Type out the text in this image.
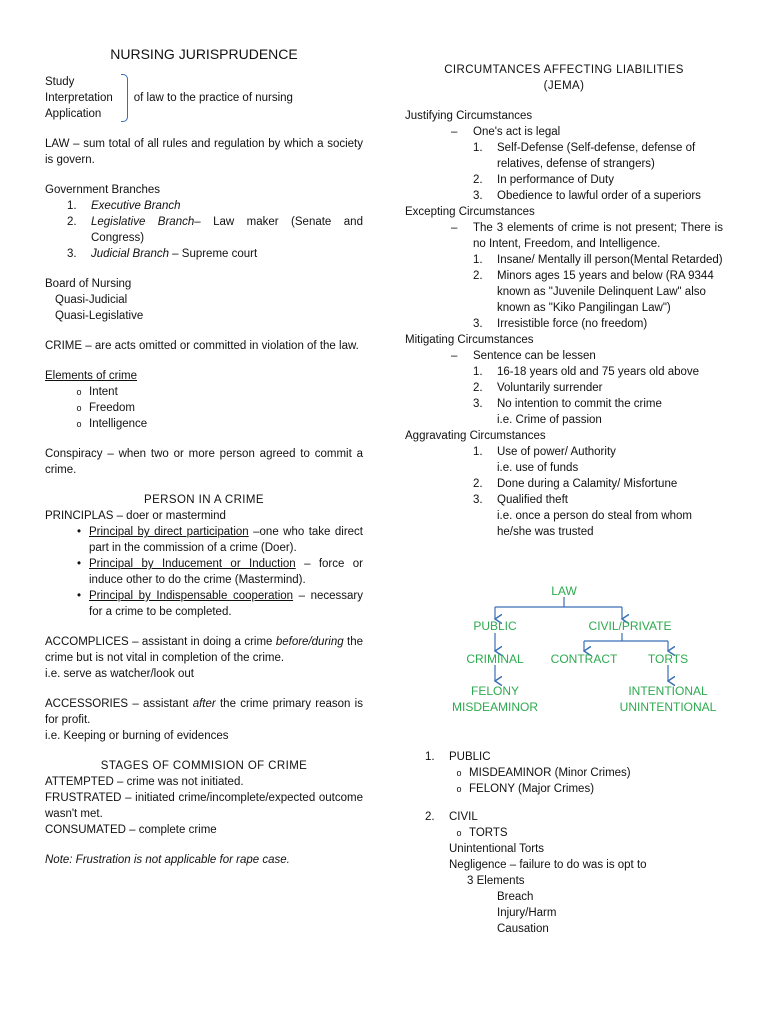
NURSING JURISPRUDENCE

Study

Interpretation

Application

of law to the practice of nursing

LAW – sum total of all rules and regulation by which a society is govern.

Government Branches

1.	Executive Branch
2.	Legislative Branch– Law maker (Senate and Congress)
3.	Judicial Branch – Supreme court

Board of Nursing

Quasi-Judicial

Quasi-Legislative

CRIME – are acts omitted or committed in violation of the law.

Elements of crime

o Intent
o Freedom
o Intelligence

Conspiracy – when two or more person agreed to commit a crime.

PERSON IN A CRIME

PRINCIPLAS – doer or mastermind

• Principal by direct participation –one who take direct part in the commission of a crime (Doer).
• Principal by Inducement or Induction – force or induce other to do the crime (Mastermind).
• Principal by Indispensable cooperation – necessary for a crime to be completed.

ACCOMPLICES – assistant in doing a crime before/during the crime but is not vital in completion of the crime.

i.e. serve as watcher/look out

ACCESSORIES – assistant after the crime primary reason is for profit.

i.e. Keeping or burning of evidences

STAGES OF COMMISION OF CRIME

ATTEMPTED – crime was not initiated.

FRUSTRATED – initiated crime/incomplete/expected outcome wasn't met.

CONSUMATED – complete crime

Note: Frustration is not applicable for rape case.

CIRCUMTANCES AFFECTING LIABILITIES

(JEMA)

Justifying Circumstances

–	One's act is legal
1.	Self-Defense (Self-defense, defense of relatives, defense of strangers)
2.	In performance of Duty
3.	Obedience to lawful order of a superiors

Excepting Circumstances

–	The 3 elements of crime is not present; There is no Intent, Freedom, and Intelligence.
1.	Insane/ Mentally ill person(Mental Retarded)
2.	Minors ages 15 years and below (RA 9344 known as "Juvenile Delinquent Law" also known as "Kiko Pangilingan Law")
3.	Irresistible force (no freedom)

Mitigating Circumstances

–	Sentence can be lessen
1.	16-18 years old and 75 years old above
2.	Voluntarily surrender
3.	No intention to commit the crime

i.e. Crime of passion

Aggravating Circumstances

1.	Use of power/ Authority

i.e. use of funds

2.	Done during a Calamity/ Misfortune
3.	Qualified theft

i.e. once a person do steal from whom he/she was trusted

LAW
PUBLIC	CIVIL/PRIVATE
CRIMINAL CONTRACT	TORTS
FELONY
MISDEAMINOR
INTENTIONAL
UNINTENTIONAL
1.	PUBLIC
o MISDEAMINOR (Minor Crimes)
o FELONY (Major Crimes)
2.	CIVIL
o TORTS

Unintentional Torts

Negligence – failure to do was is opt to

3 Elements

Breach

Injury/Harm

Causation
